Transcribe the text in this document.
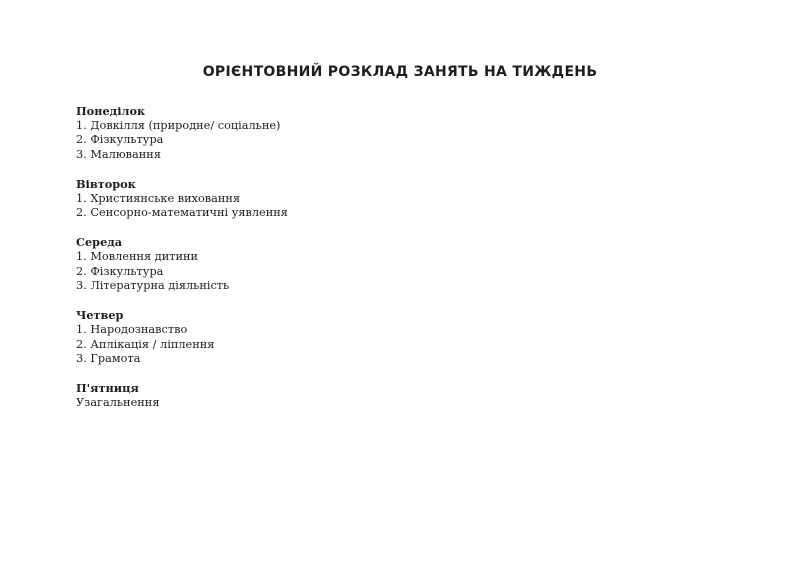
ОРІЄНТОВНИЙ РОЗКЛАД ЗАНЯТЬ НА ТИЖДЕНЬ
Понеділок
1. Довкілля (природне/ соціальне)
2. Фізкультура
3. Малювання
Вівторок
1. Християнське виховання
2. Сенсорно-математичні уявлення
Середа
1. Мовлення дитини
2. Фізкультура
3. Літературна діяльність
Четвер
1. Народознавство
2. Аплікація / ліплення
3. Грамота
П'ятниця
Узагальнення
